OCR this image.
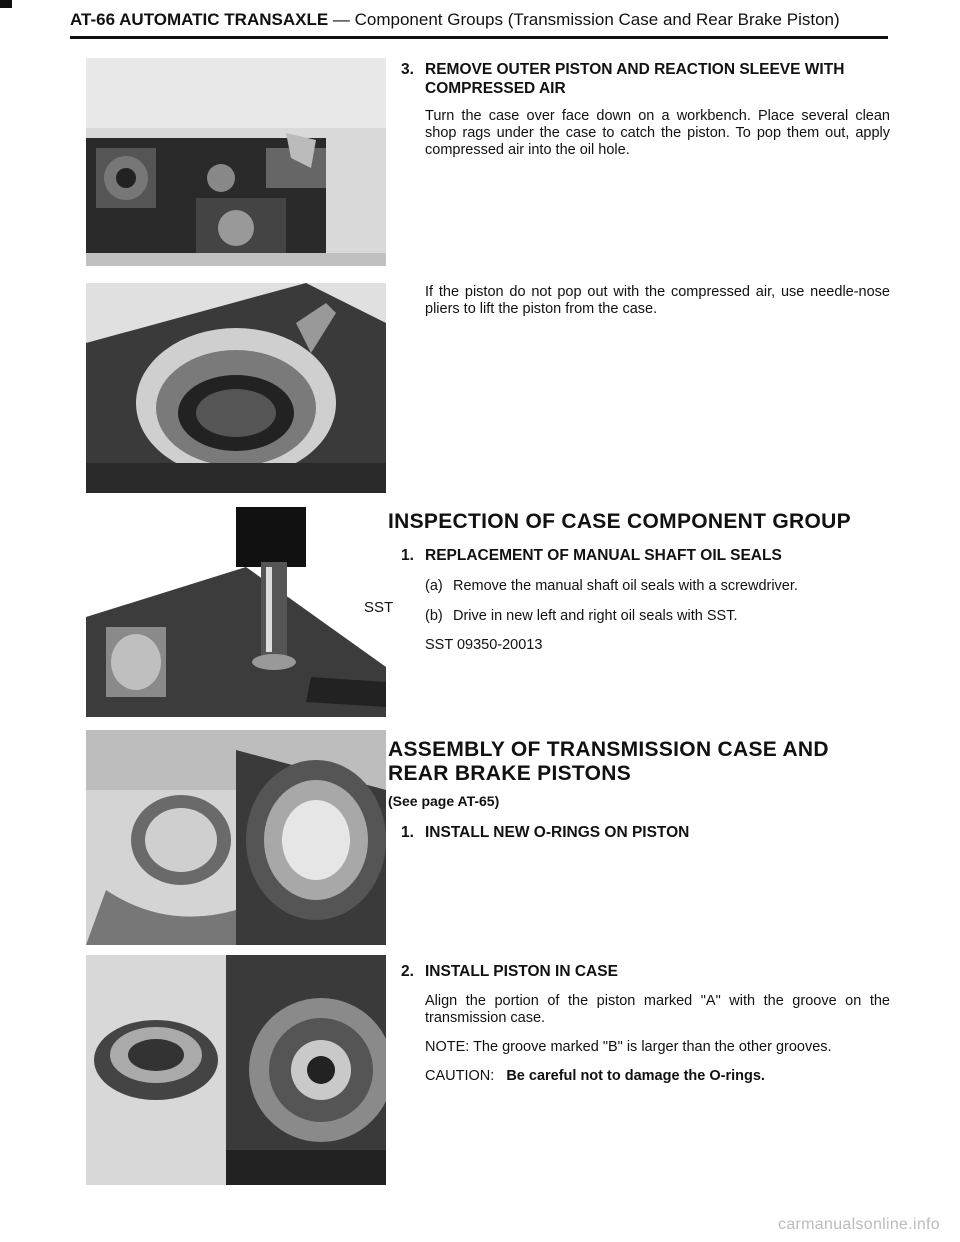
AT-66 AUTOMATIC TRANSAXLE — Component Groups (Transmission Case and Rear Brake Piston)
SST
3. REMOVE OUTER PISTON AND REACTION SLEEVE WITH COMPRESSED AIR
Turn the case over face down on a workbench. Place several clean shop rags under the case to catch the piston. To pop them out, apply compressed air into the oil hole.
If the piston do not pop out with the compressed air, use needle-nose pliers to lift the piston from the case.
INSPECTION OF CASE COMPONENT GROUP
1. REPLACEMENT OF MANUAL SHAFT OIL SEALS
(a) Remove the manual shaft oil seals with a screwdriver.
(b) Drive in new left and right oil seals with SST.
SST 09350-20013
ASSEMBLY OF TRANSMISSION CASE AND
REAR BRAKE PISTONS
(See page AT-65)
1. INSTALL NEW O-RINGS ON PISTON
2. INSTALL PISTON IN CASE
Align the portion of the piston marked "A" with the groove on the transmission case.
NOTE: The groove marked "B" is larger than the other grooves.
CAUTION: Be careful not to damage the O-rings.
carmanualsonline.info
